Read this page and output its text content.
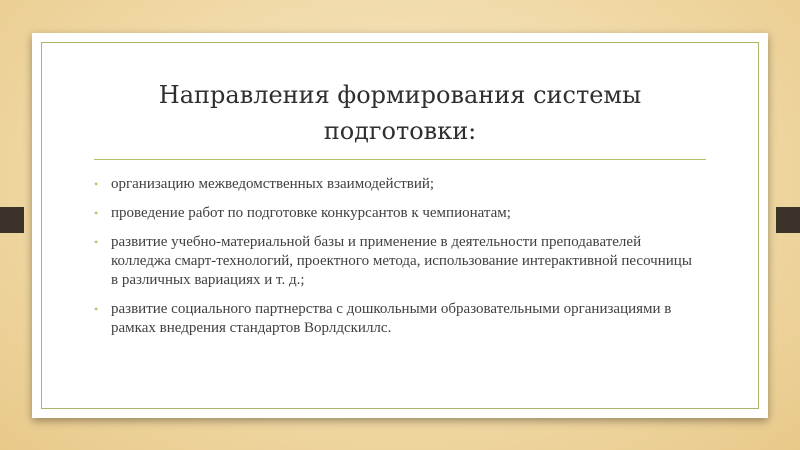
Направления формирования системы подготовки:
• организацию межведомственных взаимодействий;
• проведение работ по подготовке конкурсантов к чемпионатам;
• развитие учебно-материальной базы и применение в деятельности преподавателей колледжа смарт-технологий, проектного метода, использование интерактивной песочницы в различных вариациях и т. д.;
• развитие социального партнерства с дошкольными образовательными организациями в рамках внедрения стандартов Ворлдскиллс.
